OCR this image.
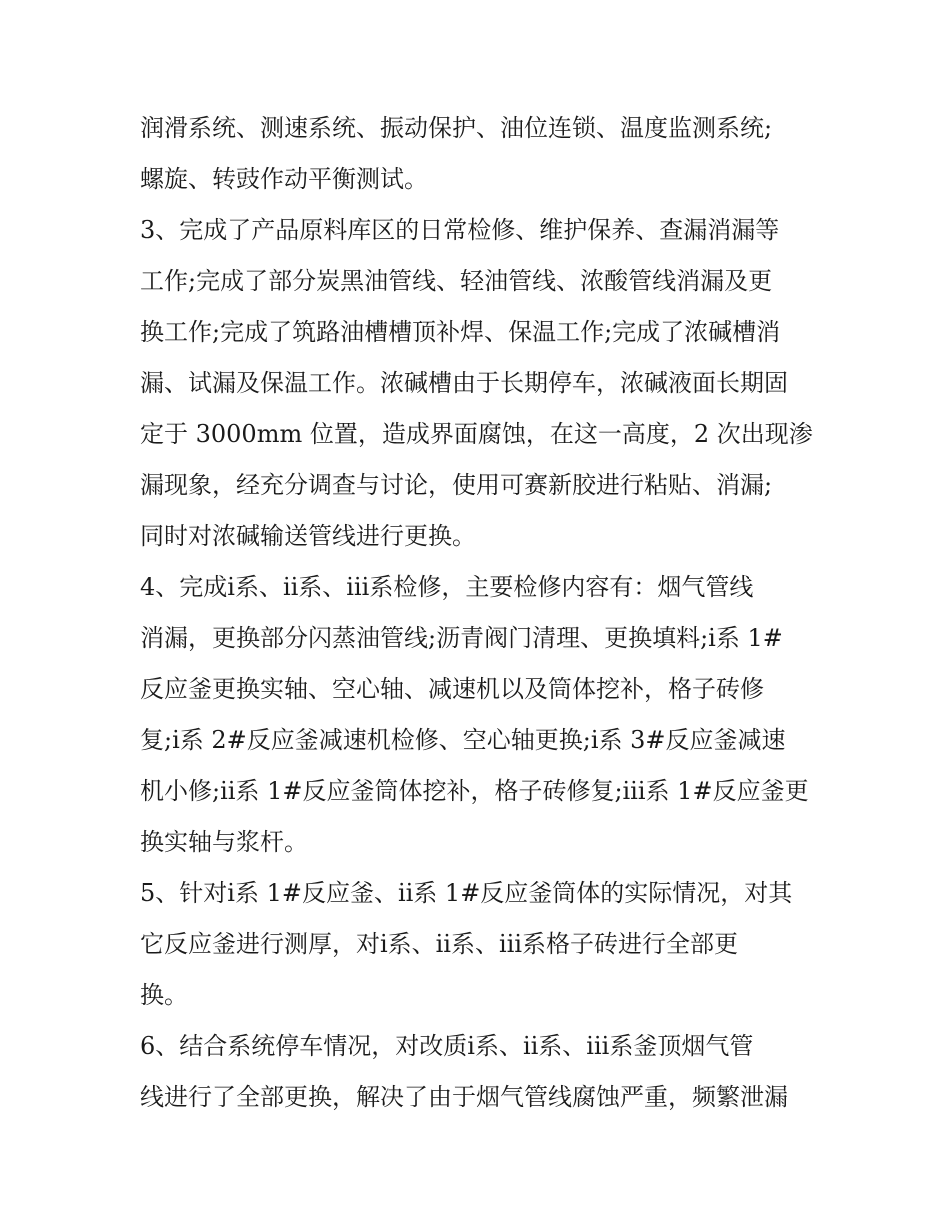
润滑系统、测速系统、振动保护、油位连锁、温度监测系统;
螺旋、转豉作动平衡测试。
3、完成了产品原料库区的日常检修、维护保养、查漏消漏等
工作;完成了部分炭黑油管线、轻油管线、浓酸管线消漏及更
换工作;完成了筑路油槽槽顶补焊、保温工作;完成了浓碱槽消
漏、试漏及保温工作。浓碱槽由于长期停车，浓碱液面长期固
定于 3000mm 位置，造成界面腐蚀，在这一高度，2 次出现渗
漏现象，经充分调查与讨论，使用可赛新胶进行粘贴、消漏;
同时对浓碱输送管线进行更换。
4、完成ⅰ系、ⅱ系、ⅲ系检修，主要检修内容有：烟气管线
消漏，更换部分闪蒸油管线;沥青阀门清理、更换填料;ⅰ系 1#
反应釜更换实轴、空心轴、减速机以及筒体挖补，格子砖修
复;ⅰ系 2#反应釜减速机检修、空心轴更换;ⅰ系 3#反应釜减速
机小修;ⅱ系 1#反应釜筒体挖补，格子砖修复;ⅲ系 1#反应釜更
换实轴与浆杆。
5、针对ⅰ系 1#反应釜、ⅱ系 1#反应釜筒体的实际情况，对其
它反应釜进行测厚，对ⅰ系、ⅱ系、ⅲ系格子砖进行全部更
换。
6、结合系统停车情况，对改质ⅰ系、ⅱ系、ⅲ系釜顶烟气管
线进行了全部更换，解决了由于烟气管线腐蚀严重，频繁泄漏
